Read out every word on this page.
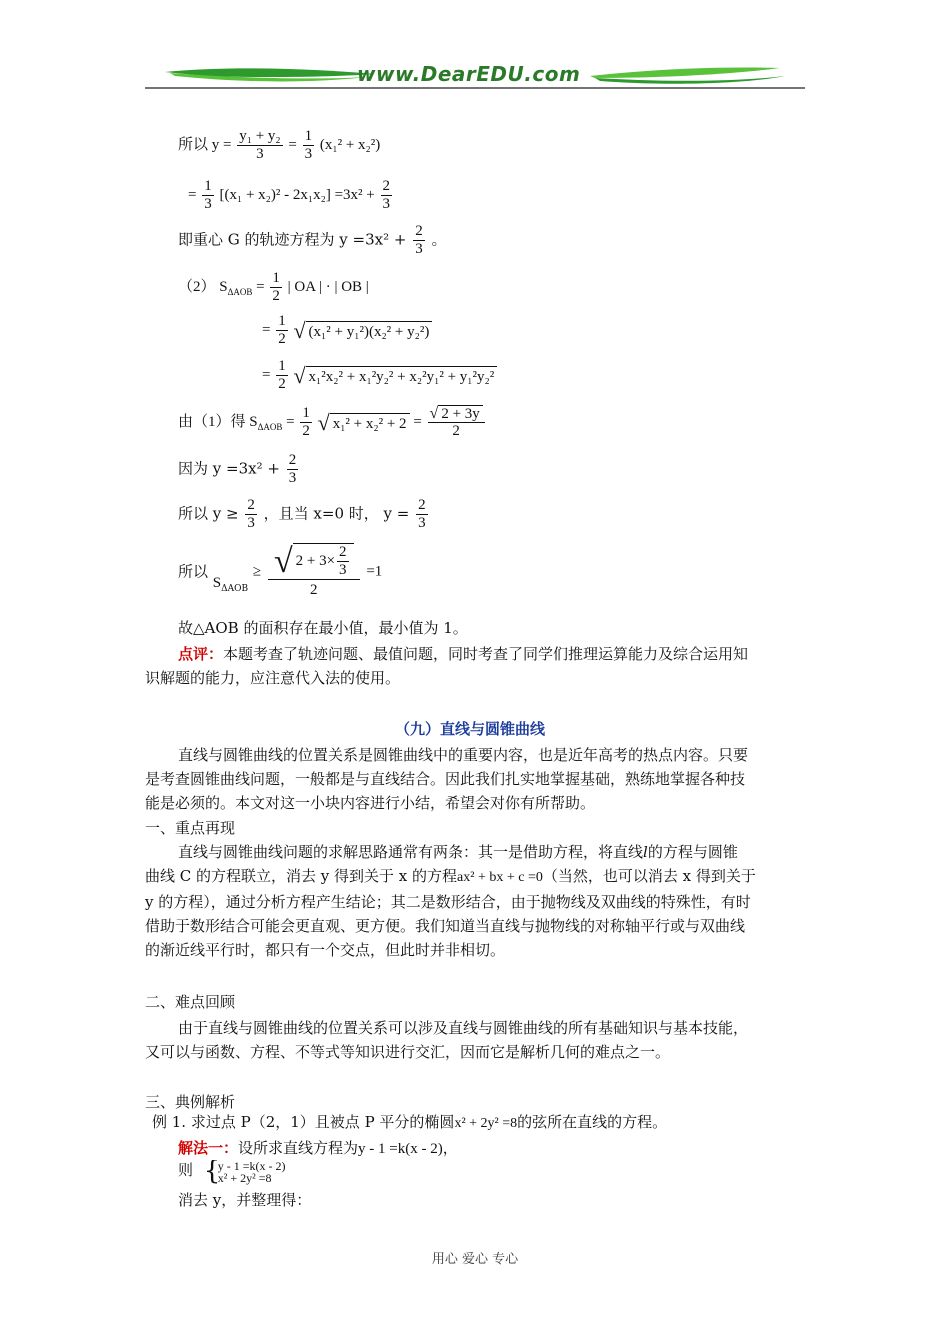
www.DearEDU.com
所以 $y = \frac{\text{y₁ + y₂}}{3} = \frac{1}{3} (x_1^2 + x_2^2)$
= $\frac{1}{3} [(x_1 + x_2)^2 - 2x_1x_2] =3x^2 + \frac{2}{3}$
即重心 G 的轨迹方程为 $y =3x^2 + \frac{2}{3}$ 。
（2） $S_{\Delta AOB} = \frac{1}{2}$ | OA | · | OB |
= $\frac{1}{2}$
√ (x₁² + y₁²)(x₂² + y₂²)
= $\frac{1}{2}$
√ x₁²x₂² + x₁²y₂² + x₂²y₁² + y₁²y₂²
由（1）得 $S_{\Delta AOB} = \frac{1}{2}$
√ $x_1^2 + x_2^2 + 2 = \frac{√ 2 + 3y}{2}$
因为 $y =3x^2 + \frac{2}{3}$
所以 $y \ge \frac{2}{3}$ ，且当 x=0 时， $y = \frac{2}{3}$
所以 $S_{\Delta AOB} \ge \frac{√ 2 + 3\times \frac{2}{3}}{2} =1$
故△AOB 的面积存在最小值，最小值为 1。
点评：本题考查了轨迹问题、最值问题，同时考查了同学们推理运算能力及综合运用知
识解题的能力，应注意代入法的使用。
（九）直线与圆锥曲线
直线与圆锥曲线的位置关系是圆锥曲线中的重要内容，也是近年高考的热点内容。只要
是考查圆锥曲线问题，一般都是与直线结合。因此我们扎实地掌握基础，熟练地掌握各种技
能是必须的。本文对这一小块内容进行小结，希望会对你有所帮助。
一、重点再现
直线与圆锥曲线问题的求解思路通常有两条：其一是借助方程，将直线l的方程与圆锥
曲线 C 的方程联立，消去 y 得到关于 x 的方程ax² + bx + c =0（当然，也可以消去 x 得到关于
y 的方程），通过分析方程产生结论；其二是数形结合，由于抛物线及双曲线的特殊性，有时
借助于数形结合可能会更直观、更方便。我们知道当直线与抛物线的对称轴平行或与双曲线
的渐近线平行时，都只有一个交点，但此时并非相切。
二、难点回顾
由于直线与圆锥曲线的位置关系可以涉及直线与圆锥曲线的所有基础知识与基本技能，
又可以与函数、方程、不等式等知识进行交汇，因而它是解析几何的难点之一。
三、典例解析
例 1. 求过点 P（2，1）且被点 P 平分的椭圆x² + 2y² =8的弦所在直线的方程。
解法一：设所求直线方程为y - 1 =k(x - 2)，
则 {
y - 1 =k(x - 2)
x² + 2y² =8
消去 y，并整理得：
用心 爱心 专心
